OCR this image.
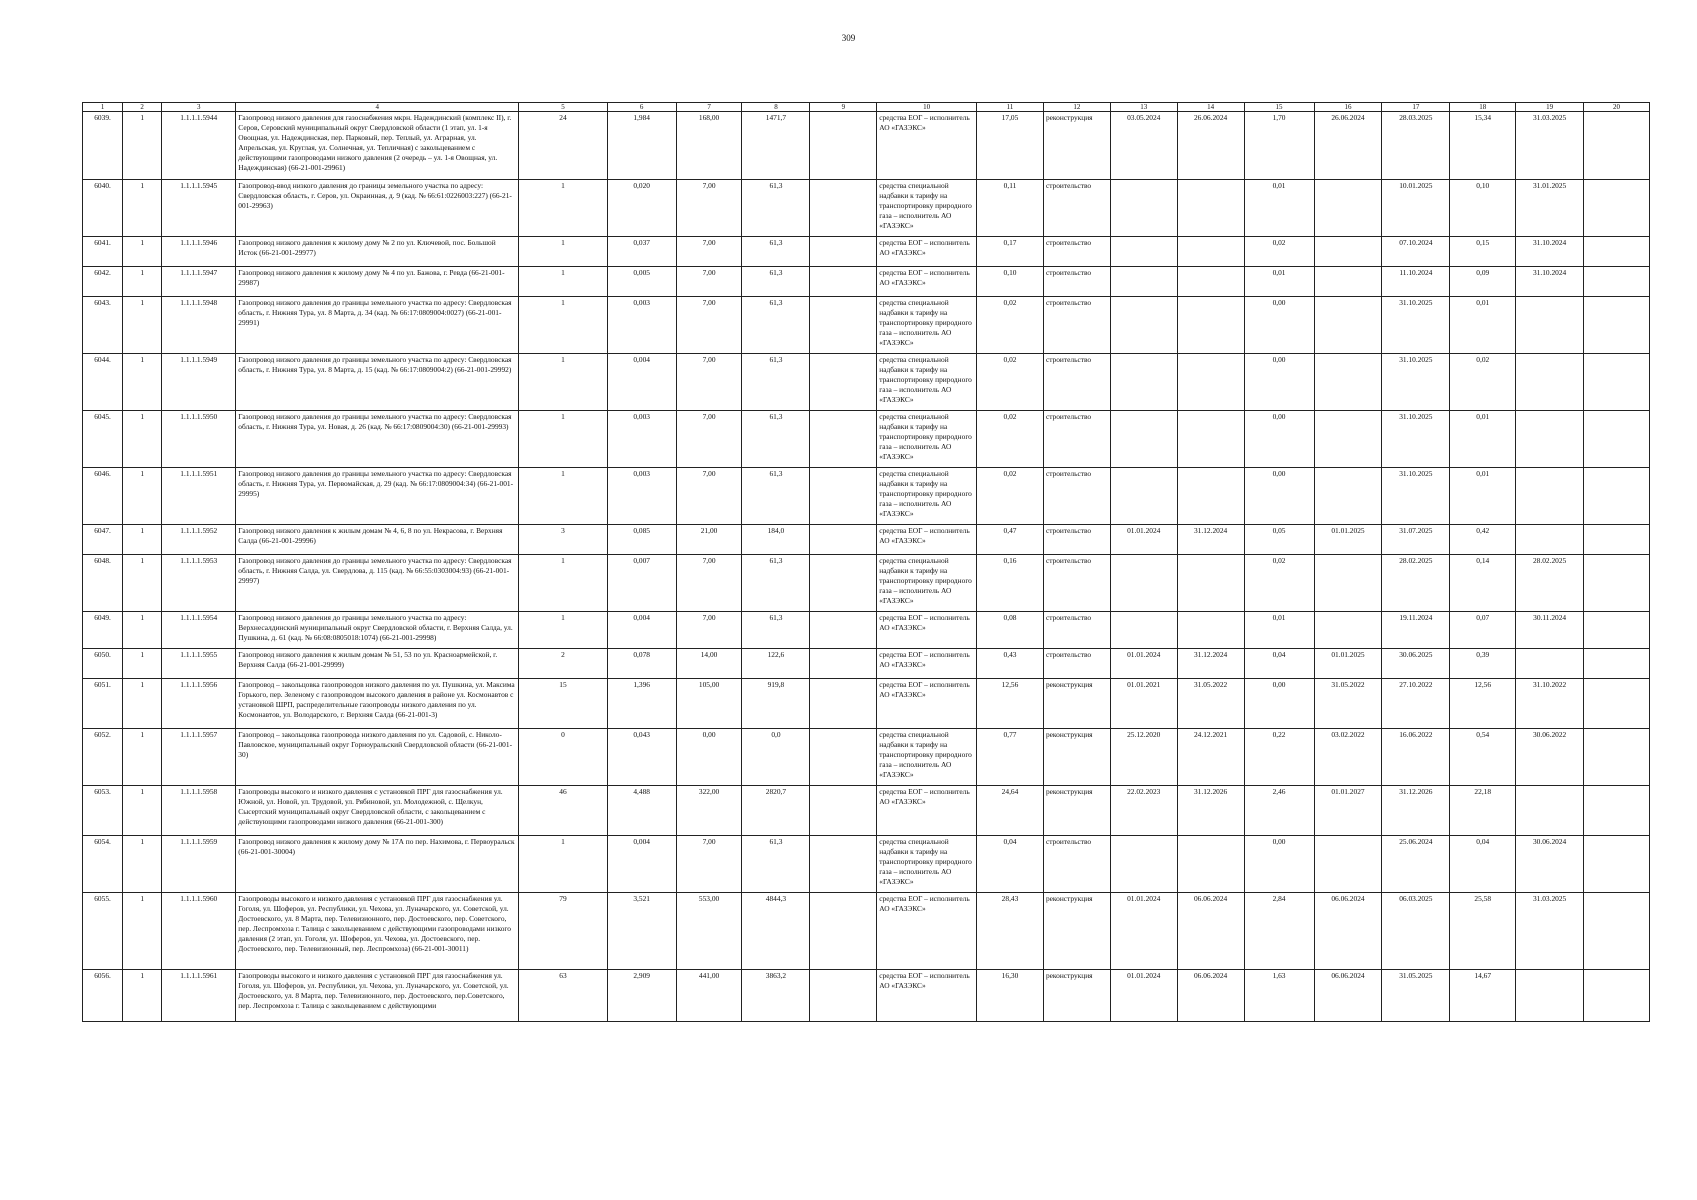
309
1	2	3	4	5	6	7	8	9	10	11	12	13	14	15	16	17	18	19	20
6039.	1	1.1.1.1.5944	Газопровод низкого давления для газоснабжения мкрн. Надеждинский (комплекс II), г. Серов, Серовский муниципальный округ Свердловской области (1 этап, ул. 1-я Овощная, ул. Надеждинская, пер. Парковый, пер. Теплый, ул. Аграрная, ул. Апрельская, ул. Круглая, ул. Солнечная, ул. Тепличная) с закольцеванием с действующими газопроводами низкого давления (2 очередь – ул. 1-я Овощная, ул. Надеждинская) (66-21-001-29961)	24	1,984	168,00	1471,7		средства ЕОГ – исполнитель АО «ГАЗЭКС»	17,05	реконструкция	03.05.2024	26.06.2024	1,70	26.06.2024	28.03.2025	15,34	31.03.2025	
6040.	1	1.1.1.1.5945	Газопровод-ввод низкого давления до границы земельного участка по адресу: Свердловская область, г. Серов, ул. Окраинная, д. 9 (кад. № 66:61:0226003:227) (66-21-001-29963)	1	0,020	7,00	61,3		средства специальной надбавки к тарифу на транспортировку природного газа – исполнитель АО «ГАЗЭКС»	0,11	строительство			0,01		10.01.2025	0,10	31.01.2025	
6041.	1	1.1.1.1.5946	Газопровод низкого давления к жилому дому № 2 по ул. Ключевой, пос. Большой Исток (66-21-001-29977)	1	0,037	7,00	61,3		средства ЕОГ – исполнитель АО «ГАЗЭКС»	0,17	строительство			0,02		07.10.2024	0,15	31.10.2024	
6042.	1	1.1.1.1.5947	Газопровод низкого давления к жилому дому № 4 по ул. Бажова, г. Ревда (66-21-001-29987)	1	0,005	7,00	61,3		средства ЕОГ – исполнитель АО «ГАЗЭКС»	0,10	строительство			0,01		11.10.2024	0,09	31.10.2024	
6043.	1	1.1.1.1.5948	Газопровод низкого давления до границы земельного участка по адресу: Свердловская область, г. Нижняя Тура, ул. 8 Марта, д. 34 (кад. № 66:17:0809004:0027) (66-21-001-29991)	1	0,003	7,00	61,3		средства специальной надбавки к тарифу на транспортировку природного газа – исполнитель АО «ГАЗЭКС»	0,02	строительство			0,00		31.10.2025	0,01		
6044.	1	1.1.1.1.5949	Газопровод низкого давления до границы земельного участка по адресу: Свердловская область, г. Нижняя Тура, ул. 8 Марта, д. 15 (кад. № 66:17:0809004:2) (66-21-001-29992)	1	0,004	7,00	61,3		средства специальной надбавки к тарифу на транспортировку природного газа – исполнитель АО «ГАЗЭКС»	0,02	строительство			0,00		31.10.2025	0,02		
6045.	1	1.1.1.1.5950	Газопровод низкого давления до границы земельного участка по адресу: Свердловская область, г. Нижняя Тура, ул. Новая, д. 26 (кад. № 66:17:0809004:30) (66-21-001-29993)	1	0,003	7,00	61,3		средства специальной надбавки к тарифу на транспортировку природного газа – исполнитель АО «ГАЗЭКС»	0,02	строительство			0,00		31.10.2025	0,01		
6046.	1	1.1.1.1.5951	Газопровод низкого давления до границы земельного участка по адресу: Свердловская область, г. Нижняя Тура, ул. Первомайская, д. 29 (кад. № 66:17:0809004:34) (66-21-001-29995)	1	0,003	7,00	61,3		средства специальной надбавки к тарифу на транспортировку природного газа – исполнитель АО «ГАЗЭКС»	0,02	строительство			0,00		31.10.2025	0,01		
6047.	1	1.1.1.1.5952	Газопровод низкого давления к жилым домам № 4, 6, 8 по ул. Некрасова, г. Верхняя Салда (66-21-001-29996)	3	0,085	21,00	184,0		средства ЕОГ – исполнитель АО «ГАЗЭКС»	0,47	строительство	01.01.2024	31.12.2024	0,05	01.01.2025	31.07.2025	0,42		
6048.	1	1.1.1.1.5953	Газопровод низкого давления до границы земельного участка по адресу: Свердловская область, г. Нижняя Салда, ул. Свердлова, д. 115 (кад. № 66:55:0303004:93) (66-21-001-29997)	1	0,007	7,00	61,3		средства специальной надбавки к тарифу на транспортировку природного газа – исполнитель АО «ГАЗЭКС»	0,16	строительство			0,02		28.02.2025	0,14	28.02.2025	
6049.	1	1.1.1.1.5954	Газопровод низкого давления до границы земельного участка по адресу: Верхнесалдинский муниципальный округ Свердловской области, г. Верхняя Салда, ул. Пушкина, д. 61 (кад. № 66:08:0805018:1074) (66-21-001-29998)	1	0,004	7,00	61,3		средства ЕОГ – исполнитель АО «ГАЗЭКС»	0,08	строительство			0,01		19.11.2024	0,07	30.11.2024	
6050.	1	1.1.1.1.5955	Газопровод низкого давления к жилым домам № 51, 53 по ул. Красноармейской, г. Верхняя Салда (66-21-001-29999)	2	0,078	14,00	122,6		средства ЕОГ – исполнитель АО «ГАЗЭКС»	0,43	строительство	01.01.2024	31.12.2024	0,04	01.01.2025	30.06.2025	0,39		
6051.	1	1.1.1.1.5956	Газопровод – закольцовка газопроводов низкого давления по ул. Пушкина, ул. Максима Горького, пер. Зеленому с газопроводом высокого давления в районе ул. Космонавтов с установкой ШРП, распределительные газопроводы низкого давления по ул. Космонавтов, ул. Володарского, г. Верхняя Салда (66-21-001-3)	15	1,396	105,00	919,8		средства ЕОГ – исполнитель АО «ГАЗЭКС»	12,56	реконструкция	01.01.2021	31.05.2022	0,00	31.05.2022	27.10.2022	12,56	31.10.2022	
6052.	1	1.1.1.1.5957	Газопровод – закольцовка газопровода низкого давления по ул. Садовой, с. Николо-Павловское, муниципальный округ Горноуральский Свердловской области (66-21-001-30)	0	0,043	0,00	0,0		средства специальной надбавки к тарифу на транспортировку природного газа – исполнитель АО «ГАЗЭКС»	0,77	реконструкция	25.12.2020	24.12.2021	0,22	03.02.2022	16.06.2022	0,54	30.06.2022	
6053.	1	1.1.1.1.5958	Газопроводы высокого и низкого давления с установкой ПРГ для газоснабжения ул. Южной, ул. Новой, ул. Трудовой, ул. Рябиновой, ул. Молодежной, с. Щелкун, Сысертский муниципальный округ Свердловской области, с закольцеванием с действующими газопроводами низкого давления (66-21-001-300)	46	4,488	322,00	2820,7		средства ЕОГ – исполнитель АО «ГАЗЭКС»	24,64	реконструкция	22.02.2023	31.12.2026	2,46	01.01.2027	31.12.2026	22,18		
6054.	1	1.1.1.1.5959	Газопровод низкого давления к жилому дому № 17А по пер. Нахимова, г. Первоуральск (66-21-001-30004)	1	0,004	7,00	61,3		средства специальной надбавки к тарифу на транспортировку природного газа – исполнитель АО «ГАЗЭКС»	0,04	строительство			0,00		25.06.2024	0,04	30.06.2024	
6055.	1	1.1.1.1.5960	Газопроводы высокого и низкого давления с установкой ПРГ для газоснабжения ул. Гоголя, ул. Шоферов, ул. Республики, ул. Чехова, ул. Луначарского, ул. Советской, ул. Достоевского, ул. 8 Марта, пер. Телевизионного, пер. Достоевского, пер. Советского, пер. Леспромхоза г. Талица с закольцеванием с действующими газопроводами низкого давления (2 этап, ул. Гоголя, ул. Шоферов, ул. Чехова, ул. Достоевского, пер. Достоевского, пер. Телевизионный, пер. Леспромхоза) (66-21-001-30011)	79	3,521	553,00	4844,3		средства ЕОГ – исполнитель АО «ГАЗЭКС»	28,43	реконструкция	01.01.2024	06.06.2024	2,84	06.06.2024	06.03.2025	25,58	31.03.2025	
6056.	1	1.1.1.1.5961	Газопроводы высокого и низкого давления с установкой ПРГ для газоснабжения ул. Гоголя, ул. Шоферов, ул. Республики, ул. Чехова, ул. Луначарского, ул. Советской, ул. Достоевского, ул. 8 Марта, пер. Телевизионного, пер. Достоевского, пер.Советского, пер. Леспромхоза г. Талица с закольцеванием с действующими	63	2,909	441,00	3863,2		средства ЕОГ – исполнитель АО «ГАЗЭКС»	16,30	реконструкция	01.01.2024	06.06.2024	1,63	06.06.2024	31.05.2025	14,67		
